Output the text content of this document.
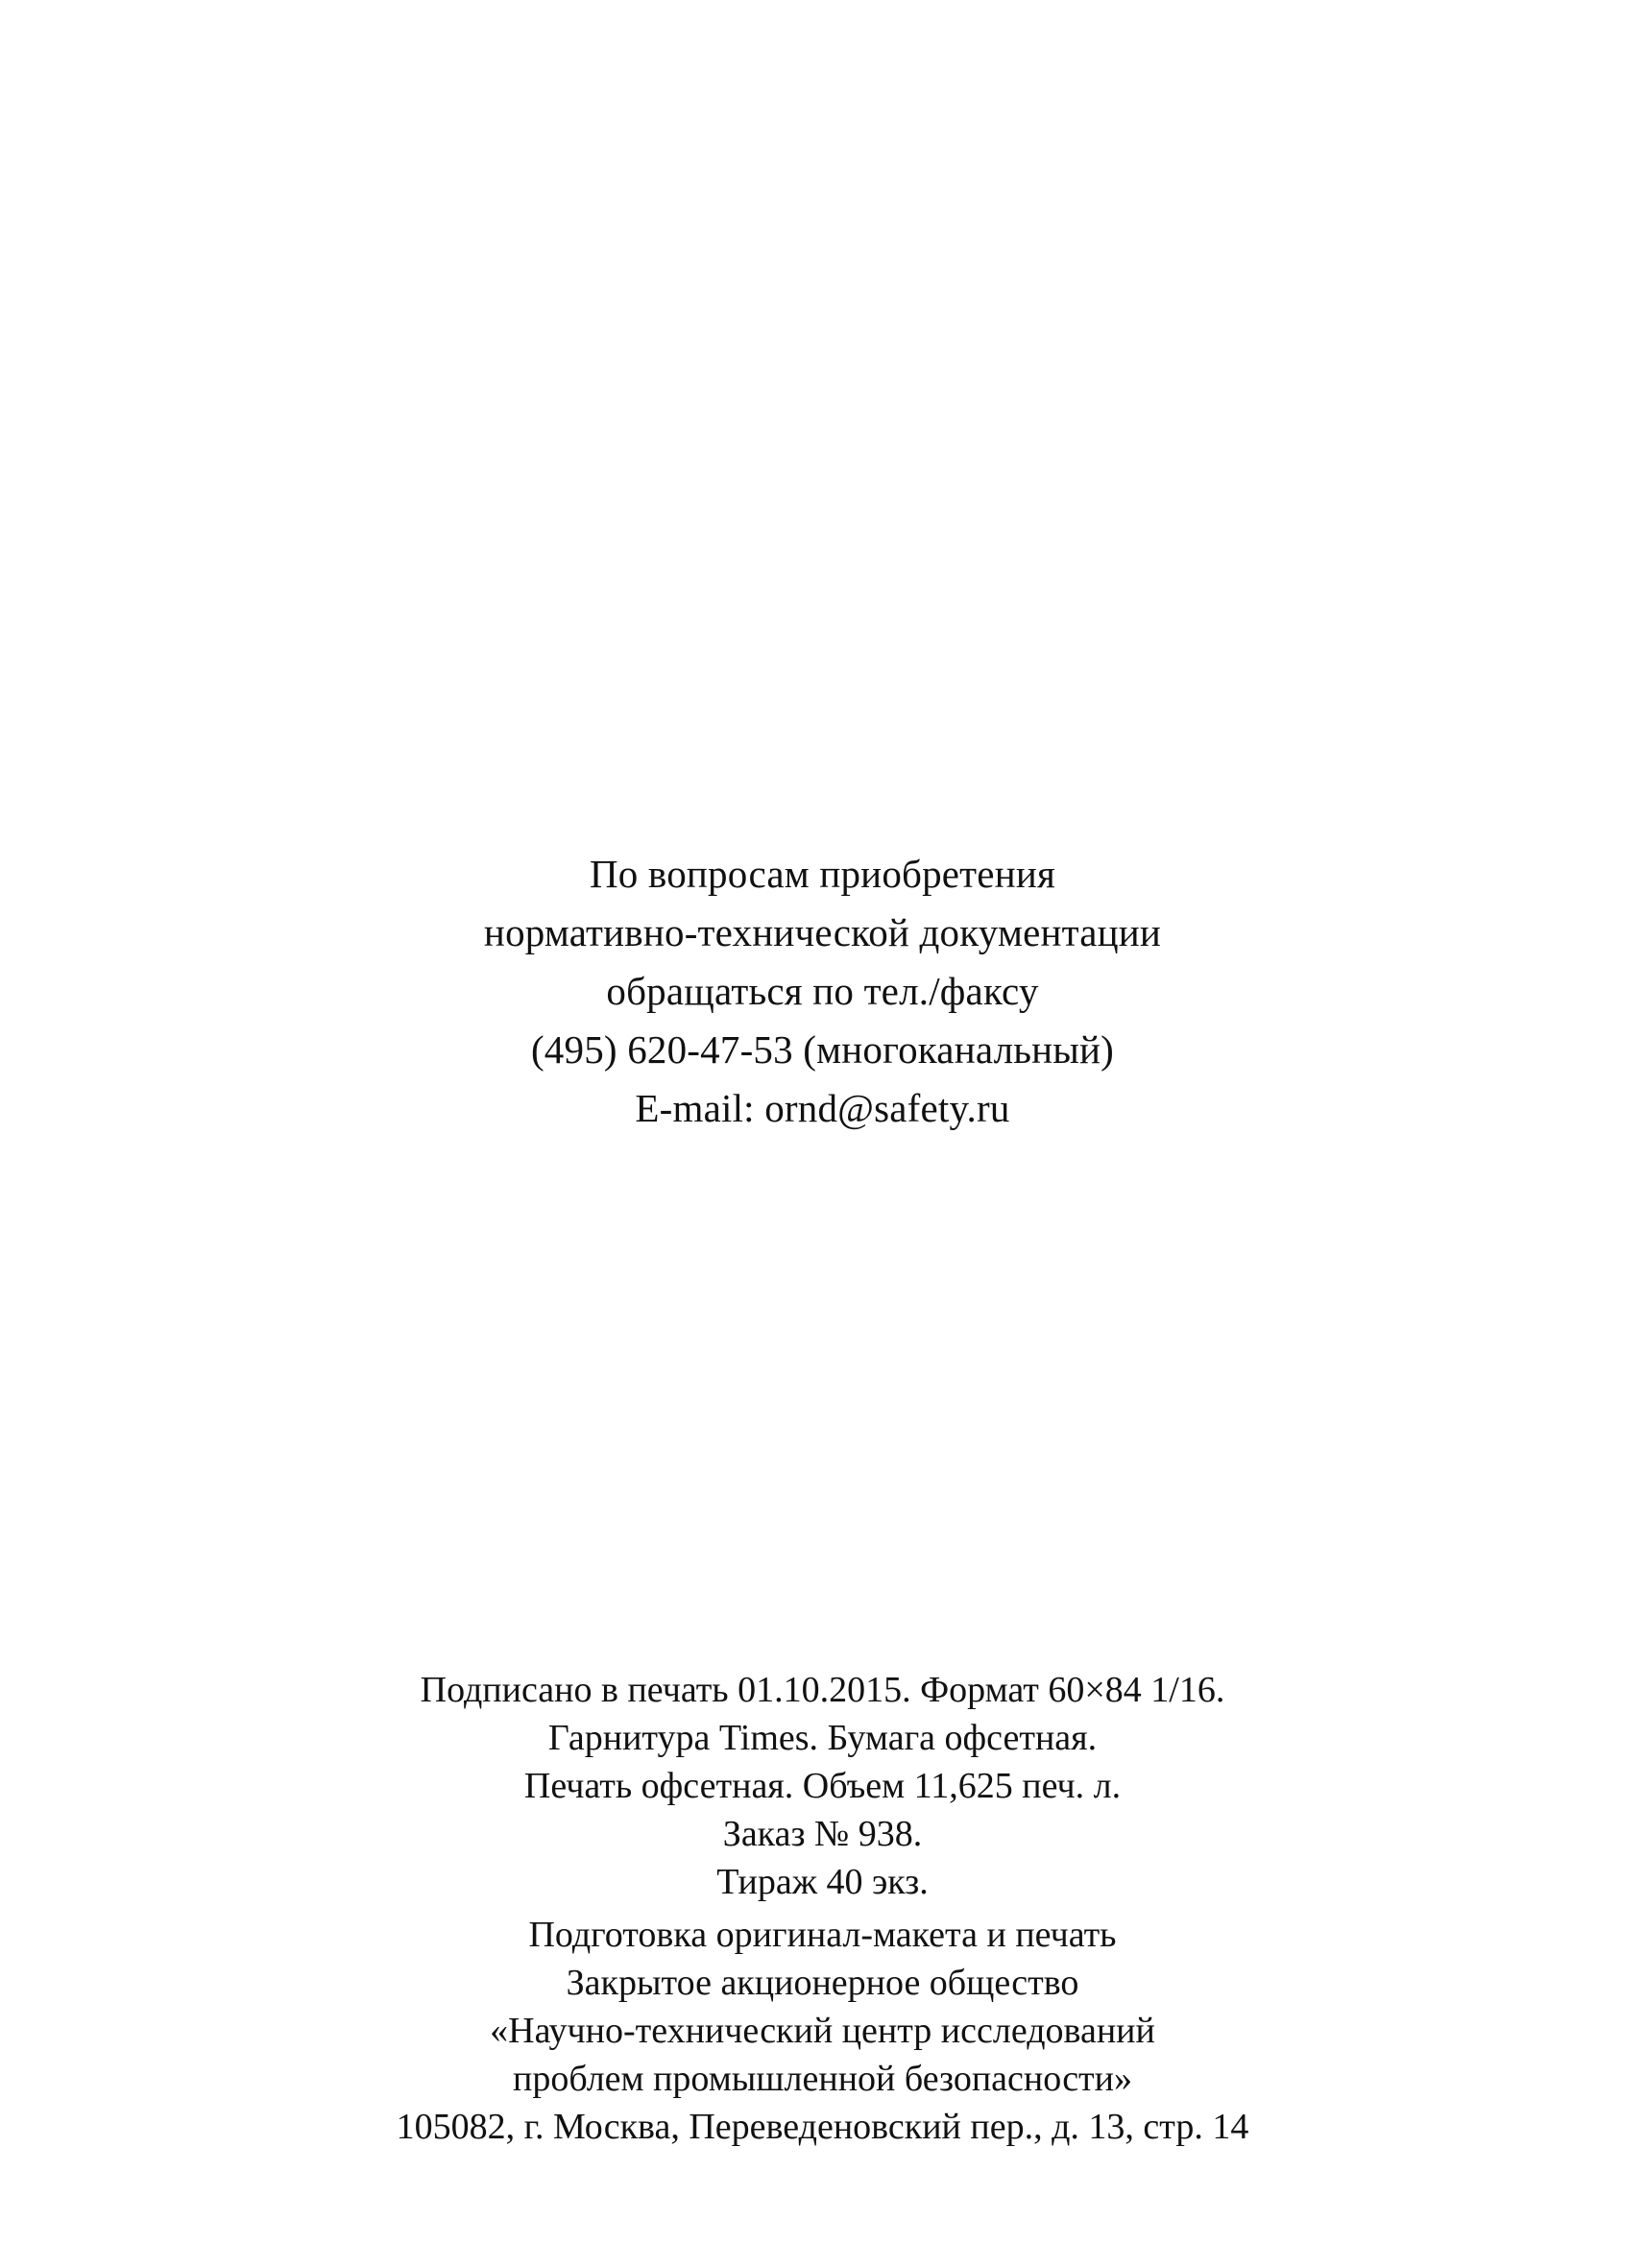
По вопросам приобретения
нормативно-технической документации
обращаться по тел./факсу
(495) 620-47-53 (многоканальный)
E-mail: ornd@safety.ru
Подписано в печать 01.10.2015. Формат 60×84 1/16.
Гарнитура Times. Бумага офсетная.
Печать офсетная. Объем 11,625 печ. л.
Заказ № 938.
Тираж 40 экз.
Подготовка оригинал-макета и печать
Закрытое акционерное общество
«Научно-технический центр исследований
проблем промышленной безопасности»
105082, г. Москва, Переведеновский пер., д. 13, стр. 14
